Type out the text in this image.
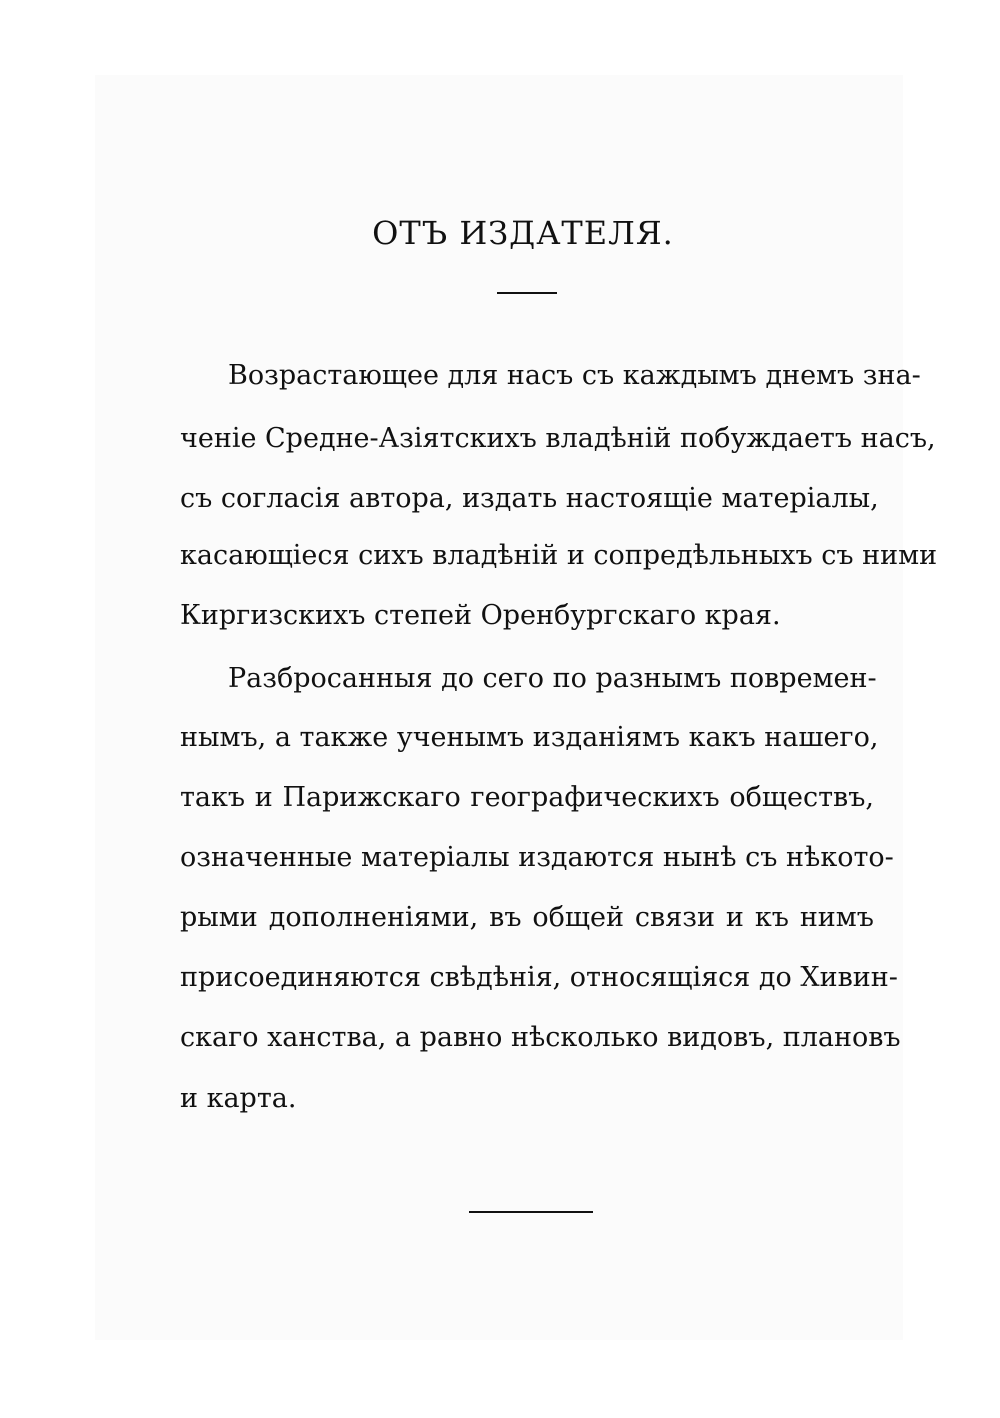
ОТЪ ИЗДАТЕЛЯ.
Возрастающее для насъ съ каждымъ днемъ зна-
ченіе Средне-Азіятскихъ владѣній побуждаетъ насъ,
съ согласія автора, издать настоящіе матеріалы,
касающіеся сихъ владѣній и сопредѣльныхъ съ ними
Киргизскихъ степей Оренбургскаго края.
Разбросанныя до сего по разнымъ повремен-
нымъ, а также ученымъ изданіямъ какъ нашего,
такъ и Парижскаго географическихъ обществъ,
означенные матеріалы издаются нынѣ съ нѣкото-
рыми дополненіями, въ общей связи и къ нимъ
присоединяются свѣдѣнія, относящіяся до Хивин-
скаго ханства, а равно нѣсколько видовъ, плановъ
и карта.
